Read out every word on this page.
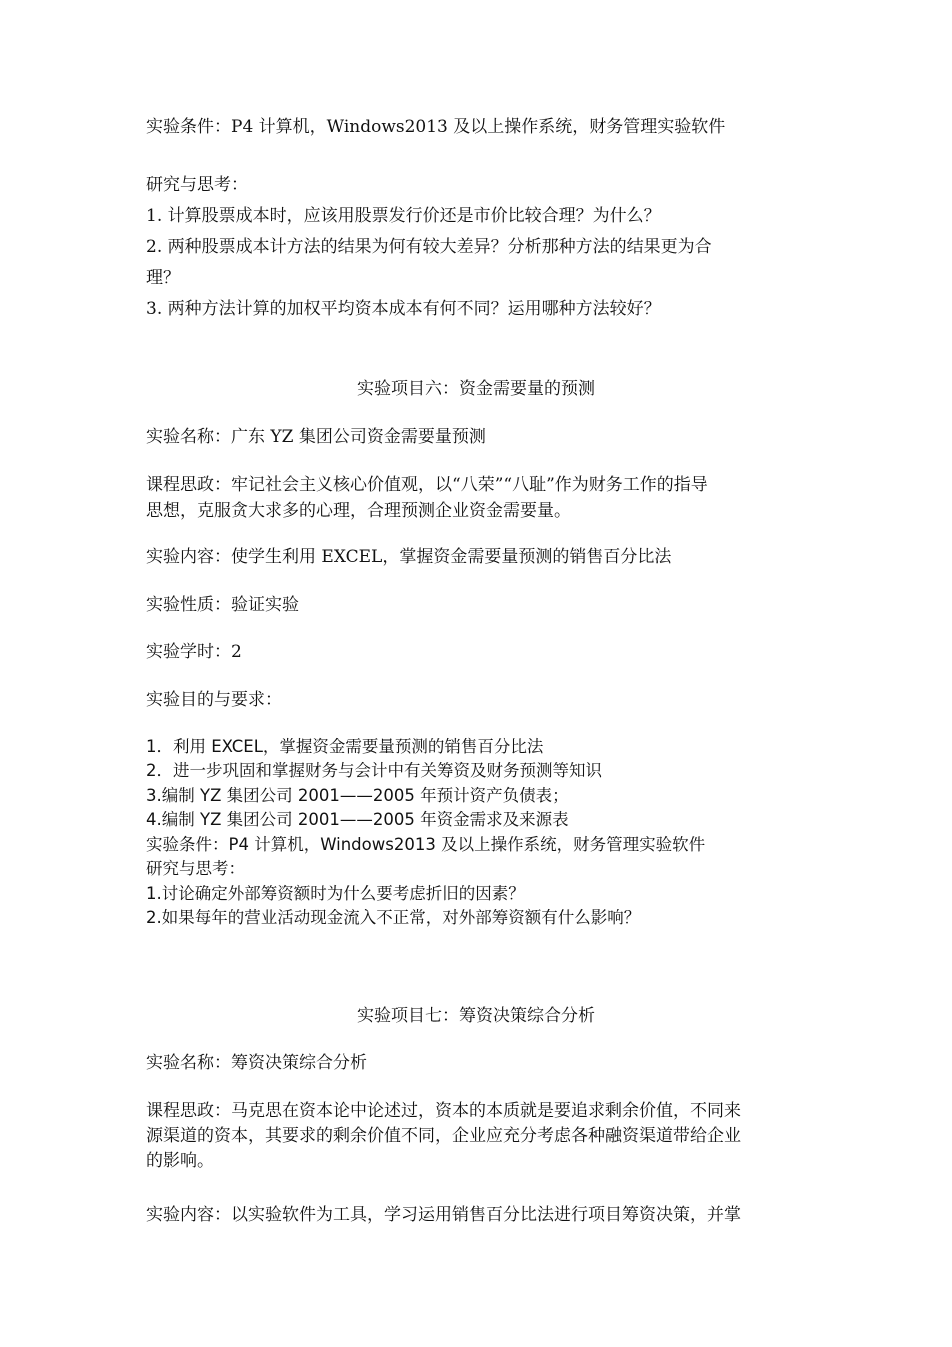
实验条件：P4 计算机，Windows2013 及以上操作系统，财务管理实验软件
研究与思考：
1. 计算股票成本时，应该用股票发行价还是市价比较合理？为什么？
2. 两种股票成本计方法的结果为何有较大差异？分析那种方法的结果更为合
理？
3. 两种方法计算的加权平均资本成本有何不同？运用哪种方法较好？
实验项目六：资金需要量的预测
实验名称：广东 YZ 集团公司资金需要量预测
课程思政：牢记社会主义核心价值观，以“八荣”“八耻”作为财务工作的指导
思想，克服贪大求多的心理，合理预测企业资金需要量。
实验内容：使学生利用 EXCEL，掌握资金需要量预测的销售百分比法
实验性质：验证实验
实验学时：2
实验目的与要求：
1．利用 EXCEL，掌握资金需要量预测的销售百分比法
2．进一步巩固和掌握财务与会计中有关筹资及财务预测等知识
3.编制 YZ 集团公司 2001——2005 年预计资产负债表；
4.编制 YZ 集团公司 2001——2005 年资金需求及来源表
实验条件：P4 计算机，Windows2013 及以上操作系统，财务管理实验软件
研究与思考：
1.讨论确定外部筹资额时为什么要考虑折旧的因素？
2.如果每年的营业活动现金流入不正常，对外部筹资额有什么影响？
实验项目七：筹资决策综合分析
实验名称：筹资决策综合分析
课程思政：马克思在资本论中论述过，资本的本质就是要追求剩余价值，不同来
源渠道的资本，其要求的剩余价值不同，企业应充分考虑各种融资渠道带给企业
的影响。
实验内容：以实验软件为工具，学习运用销售百分比法进行项目筹资决策，并掌
